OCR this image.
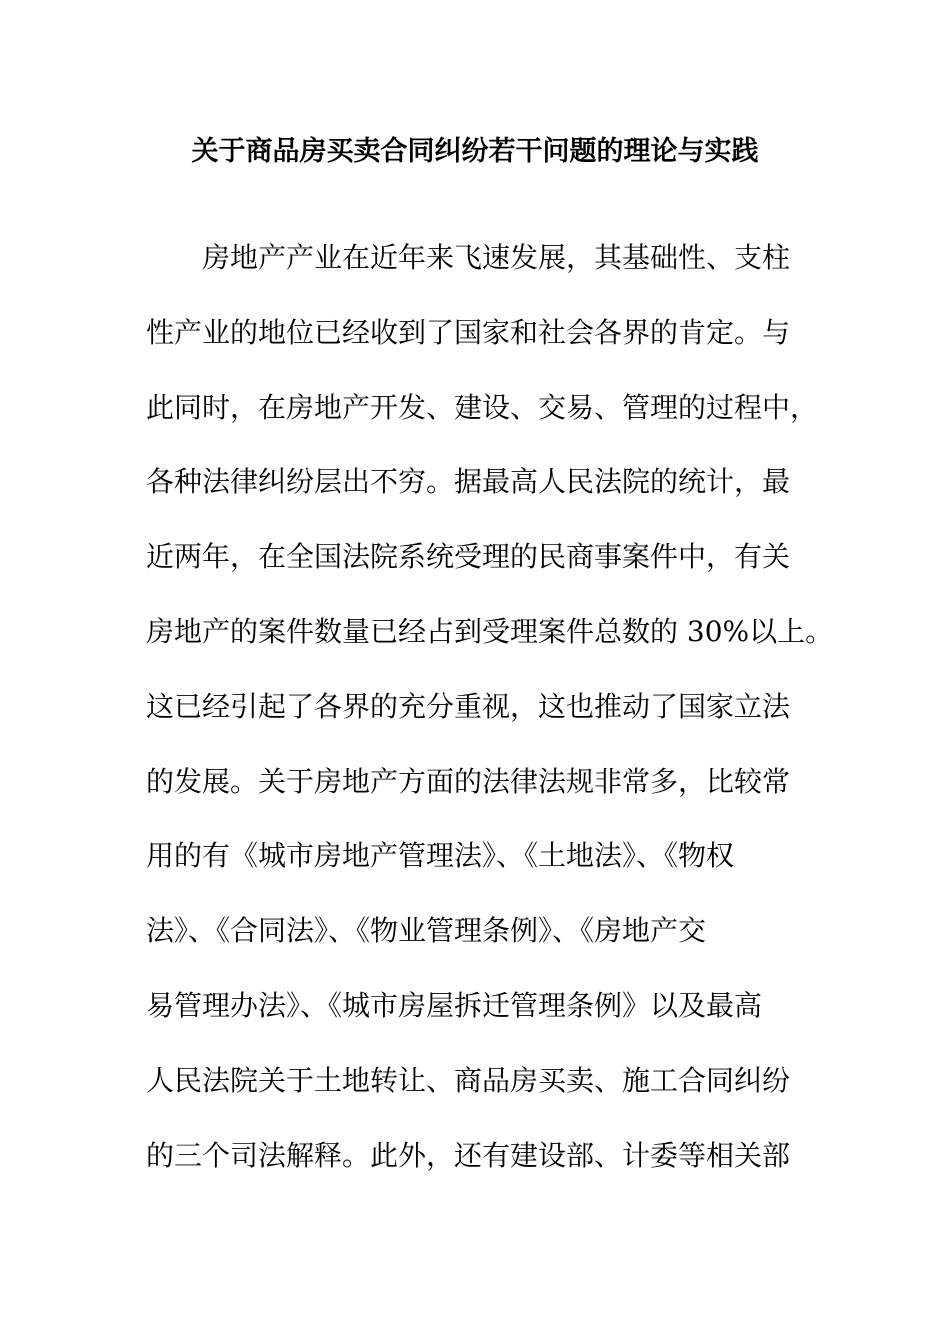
关于商品房买卖合同纠纷若干问题的理论与实践
房地产产业在近年来飞速发展，其基础性、支柱
性产业的地位已经收到了国家和社会各界的肯定。与
此同时，在房地产开发、建设、交易、管理的过程中，
各种法律纠纷层出不穷。据最高人民法院的统计，最
近两年，在全国法院系统受理的民商事案件中，有关
房地产的案件数量已经占到受理案件总数的 30%以上。
这已经引起了各界的充分重视，这也推动了国家立法
的发展。关于房地产方面的法律法规非常多，比较常
用的有《城市房地产管理法》、《土地法》、《物权
法》、《合同法》、《物业管理条例》、《房地产交
易管理办法》、《城市房屋拆迁管理条例》以及最高
人民法院关于土地转让、商品房买卖、施工合同纠纷
的三个司法解释。此外，还有建设部、计委等相关部
